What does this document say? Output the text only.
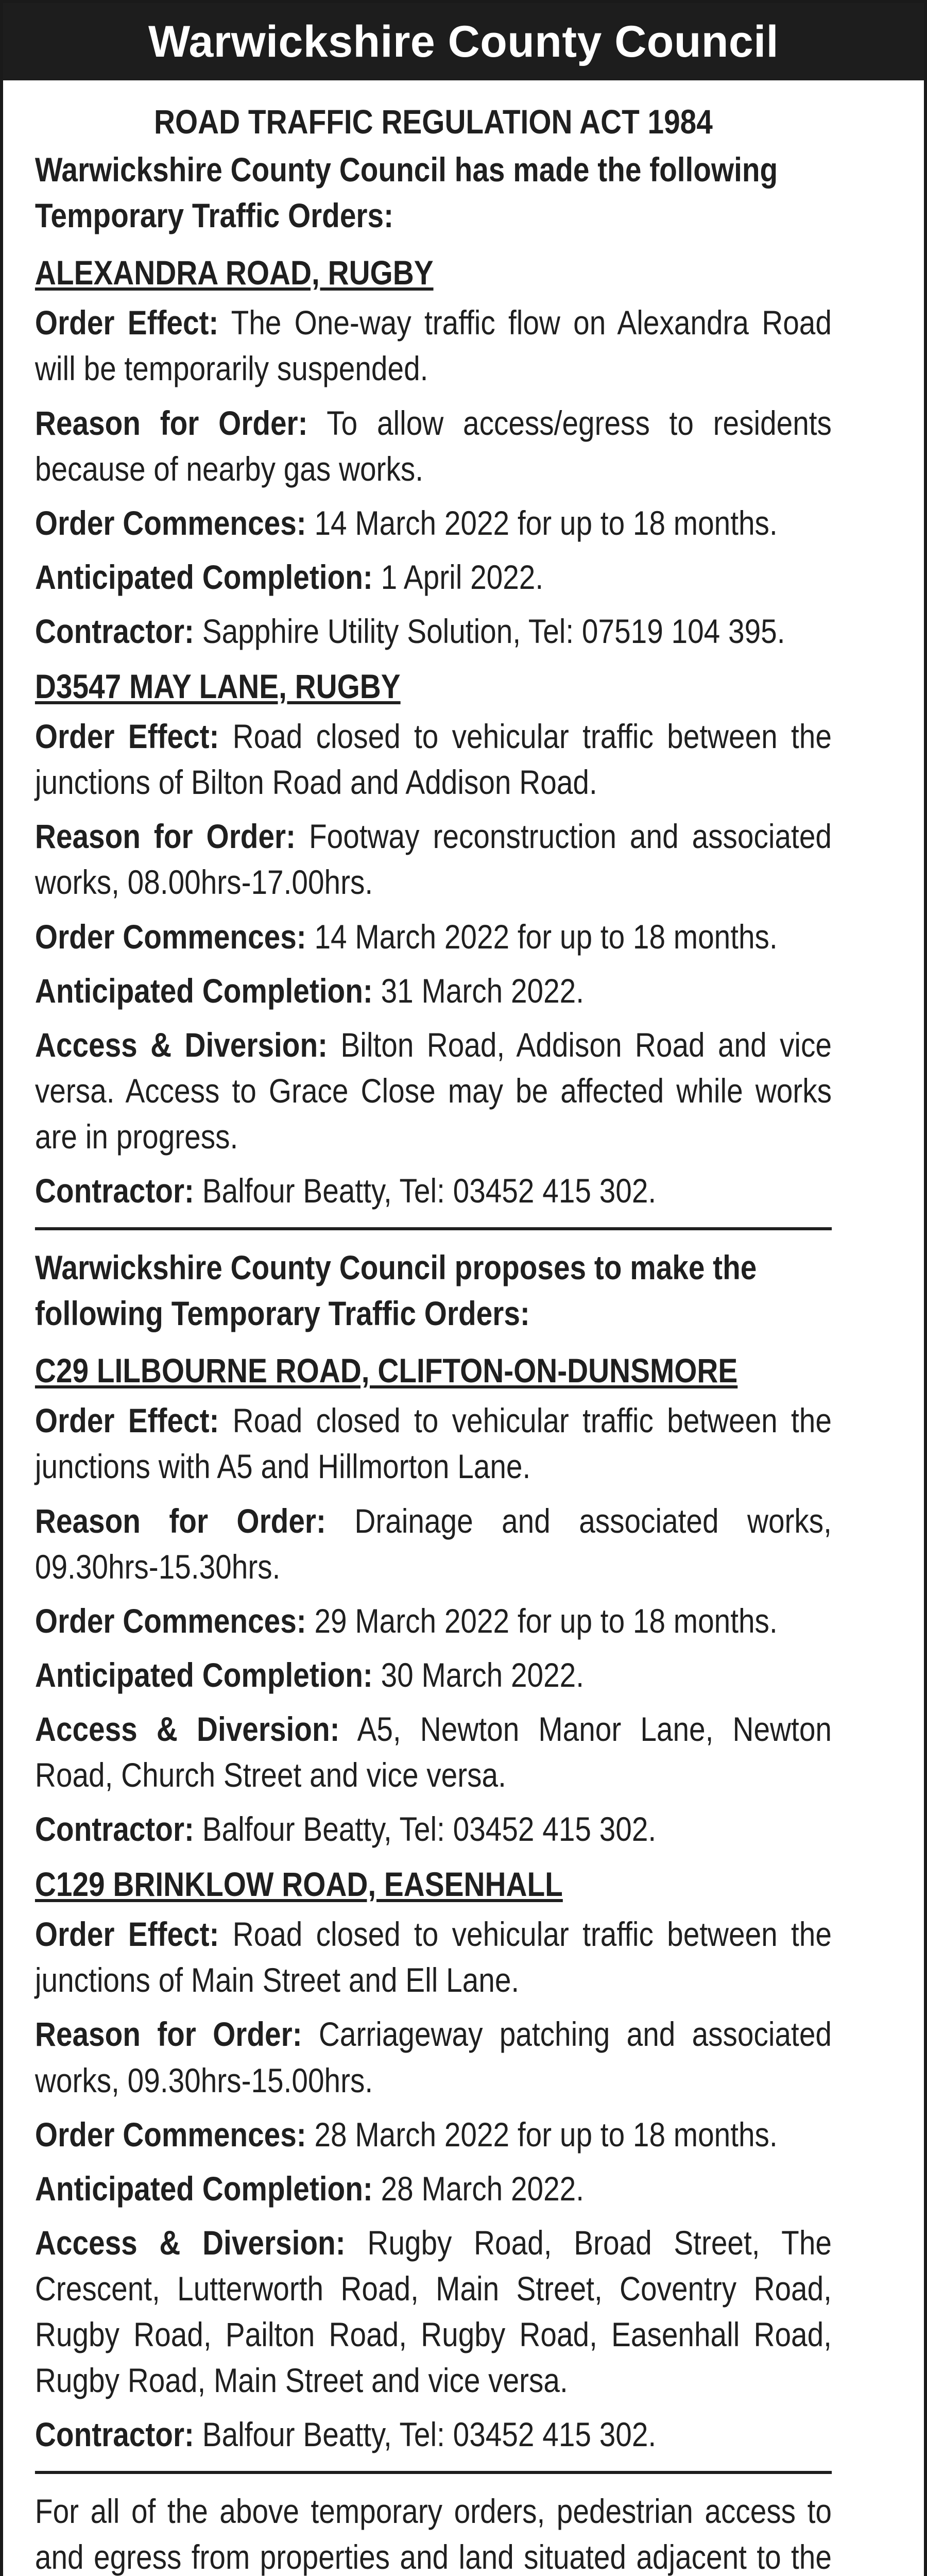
Warwickshire County Council
ROAD TRAFFIC REGULATION ACT 1984
Warwickshire County Council has made the following Temporary Traffic Orders:
ALEXANDRA ROAD, RUGBY
Order Effect: The One-way traffic flow on Alexandra Road will be temporarily suspended.
Reason for Order: To allow access/egress to residents because of nearby gas works.
Order Commences: 14 March 2022 for up to 18 months.
Anticipated Completion: 1 April 2022.
Contractor: Sapphire Utility Solution, Tel: 07519 104 395.
D3547 MAY LANE, RUGBY
Order Effect: Road closed to vehicular traffic between the junctions of Bilton Road and Addison Road.
Reason for Order: Footway reconstruction and associated works, 08.00hrs-17.00hrs.
Order Commences: 14 March 2022 for up to 18 months.
Anticipated Completion: 31 March 2022.
Access & Diversion: Bilton Road, Addison Road and vice versa. Access to Grace Close may be affected while works are in progress.
Contractor: Balfour Beatty, Tel: 03452 415 302.
Warwickshire County Council proposes to make the following Temporary Traffic Orders:
C29 LILBOURNE ROAD, CLIFTON-ON-DUNSMORE
Order Effect: Road closed to vehicular traffic between the junctions with A5 and Hillmorton Lane.
Reason for Order: Drainage and associated works, 09.30hrs-15.30hrs.
Order Commences: 29 March 2022 for up to 18 months.
Anticipated Completion: 30 March 2022.
Access & Diversion: A5, Newton Manor Lane, Newton Road, Church Street and vice versa.
Contractor: Balfour Beatty, Tel: 03452 415 302.
C129 BRINKLOW ROAD, EASENHALL
Order Effect: Road closed to vehicular traffic between the junctions of Main Street and Ell Lane.
Reason for Order: Carriageway patching and associated works, 09.30hrs-15.00hrs.
Order Commences: 28 March 2022 for up to 18 months.
Anticipated Completion: 28 March 2022.
Access & Diversion: Rugby Road, Broad Street, The Crescent, Lutterworth Road, Main Street, Coventry Road, Rugby Road, Pailton Road, Rugby Road, Easenhall Road, Rugby Road, Main Street and vice versa.
Contractor: Balfour Beatty, Tel: 03452 415 302.
For all of the above temporary orders, pedestrian access to and egress from properties and land situated adjacent to the
